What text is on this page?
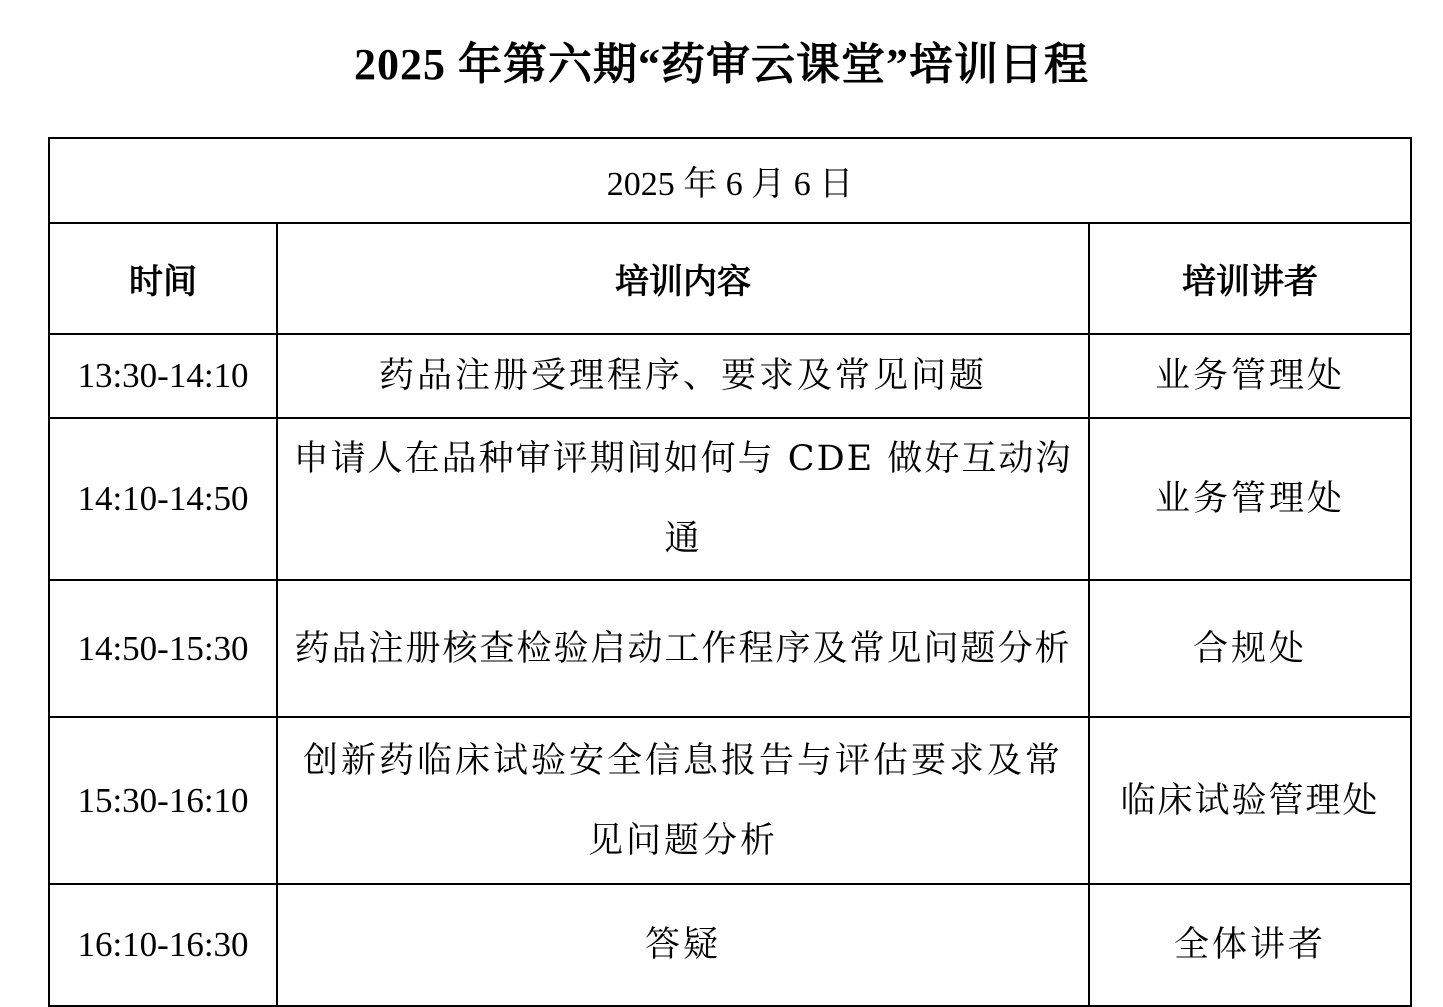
2025 年第六期“药审云课堂”培训日程
2025 年 6 月 6 日		
时间	培训内容	培训讲者
13:30-14:10	药品注册受理程序、要求及常见问题	业务管理处
14:10-14:50	申请人在品种审评期间如何与 CDE 做好互动沟通	业务管理处
14:50-15:30	药品注册核查检验启动工作程序及常见问题分析	合规处
15:30-16:10	创新药临床试验安全信息报告与评估要求及常见问题分析	临床试验管理处
16:10-16:30	答疑	全体讲者
